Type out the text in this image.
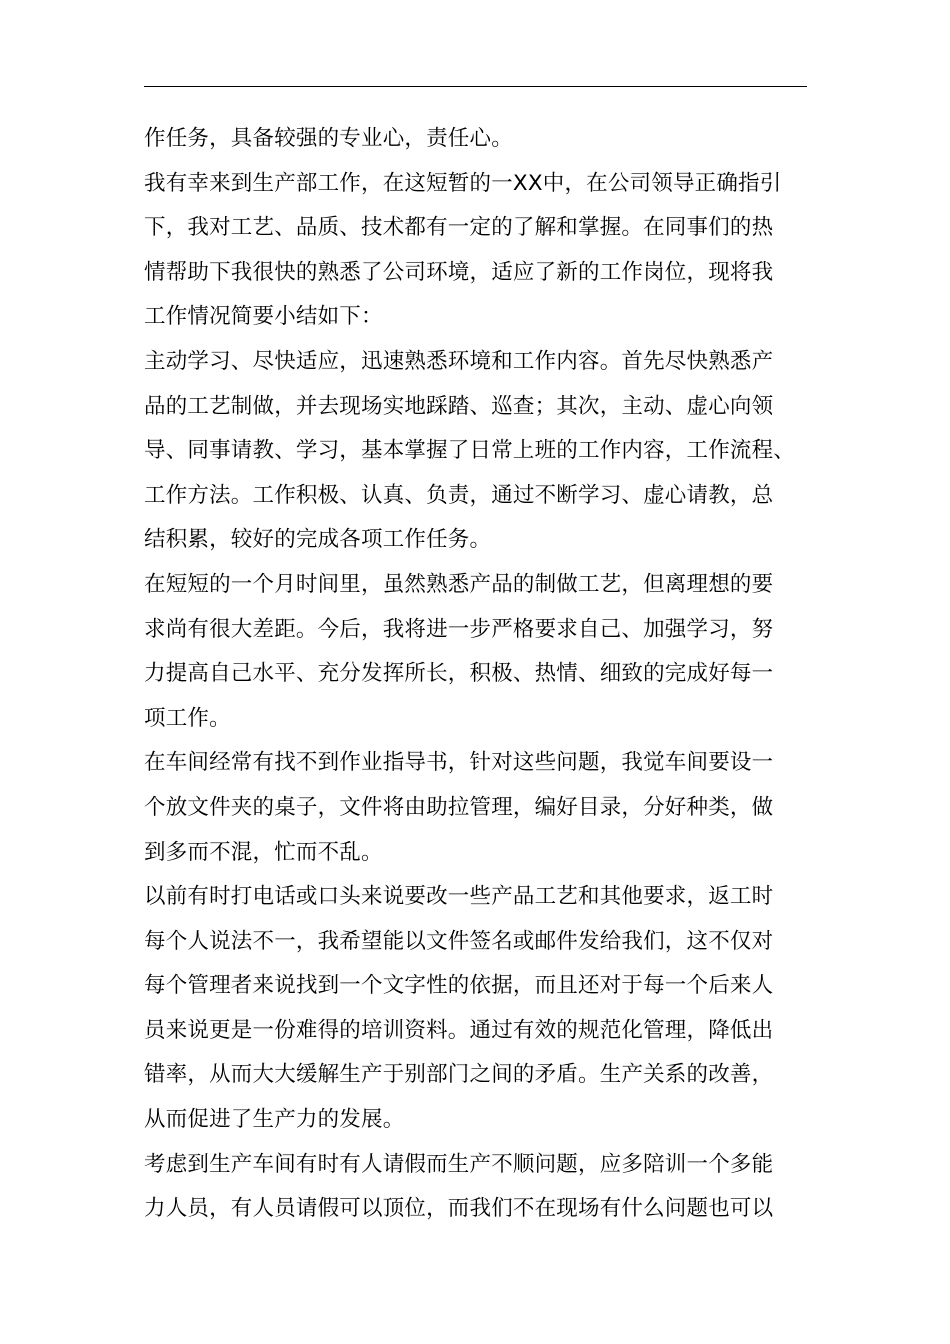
作任务，具备较强的专业心，责任心。
我有幸来到生产部工作，在这短暂的一XX中，在公司领导正确指引
下，我对工艺、品质、技术都有一定的了解和掌握。在同事们的热
情帮助下我很快的熟悉了公司环境，适应了新的工作岗位，现将我
工作情况简要小结如下：
主动学习、尽快适应，迅速熟悉环境和工作内容。首先尽快熟悉产
品的工艺制做，并去现场实地踩踏、巡查；其次，主动、虚心向领
导、同事请教、学习，基本掌握了日常上班的工作内容，工作流程、
工作方法。工作积极、认真、负责，通过不断学习、虚心请教，总
结积累，较好的完成各项工作任务。
在短短的一个月时间里，虽然熟悉产品的制做工艺，但离理想的要
求尚有很大差距。今后，我将进一步严格要求自己、加强学习，努
力提高自己水平、充分发挥所长，积极、热情、细致的完成好每一
项工作。
在车间经常有找不到作业指导书，针对这些问题，我觉车间要设一
个放文件夹的桌子，文件将由助拉管理，编好目录，分好种类，做
到多而不混，忙而不乱。
以前有时打电话或口头来说要改一些产品工艺和其他要求，返工时
每个人说法不一，我希望能以文件签名或邮件发给我们，这不仅对
每个管理者来说找到一个文字性的依据，而且还对于每一个后来人
员来说更是一份难得的培训资料。通过有效的规范化管理，降低出
错率，从而大大缓解生产于别部门之间的矛盾。生产关系的改善，
从而促进了生产力的发展。
考虑到生产车间有时有人请假而生产不顺问题，应多陪训一个多能
力人员，有人员请假可以顶位，而我们不在现场有什么问题也可以
